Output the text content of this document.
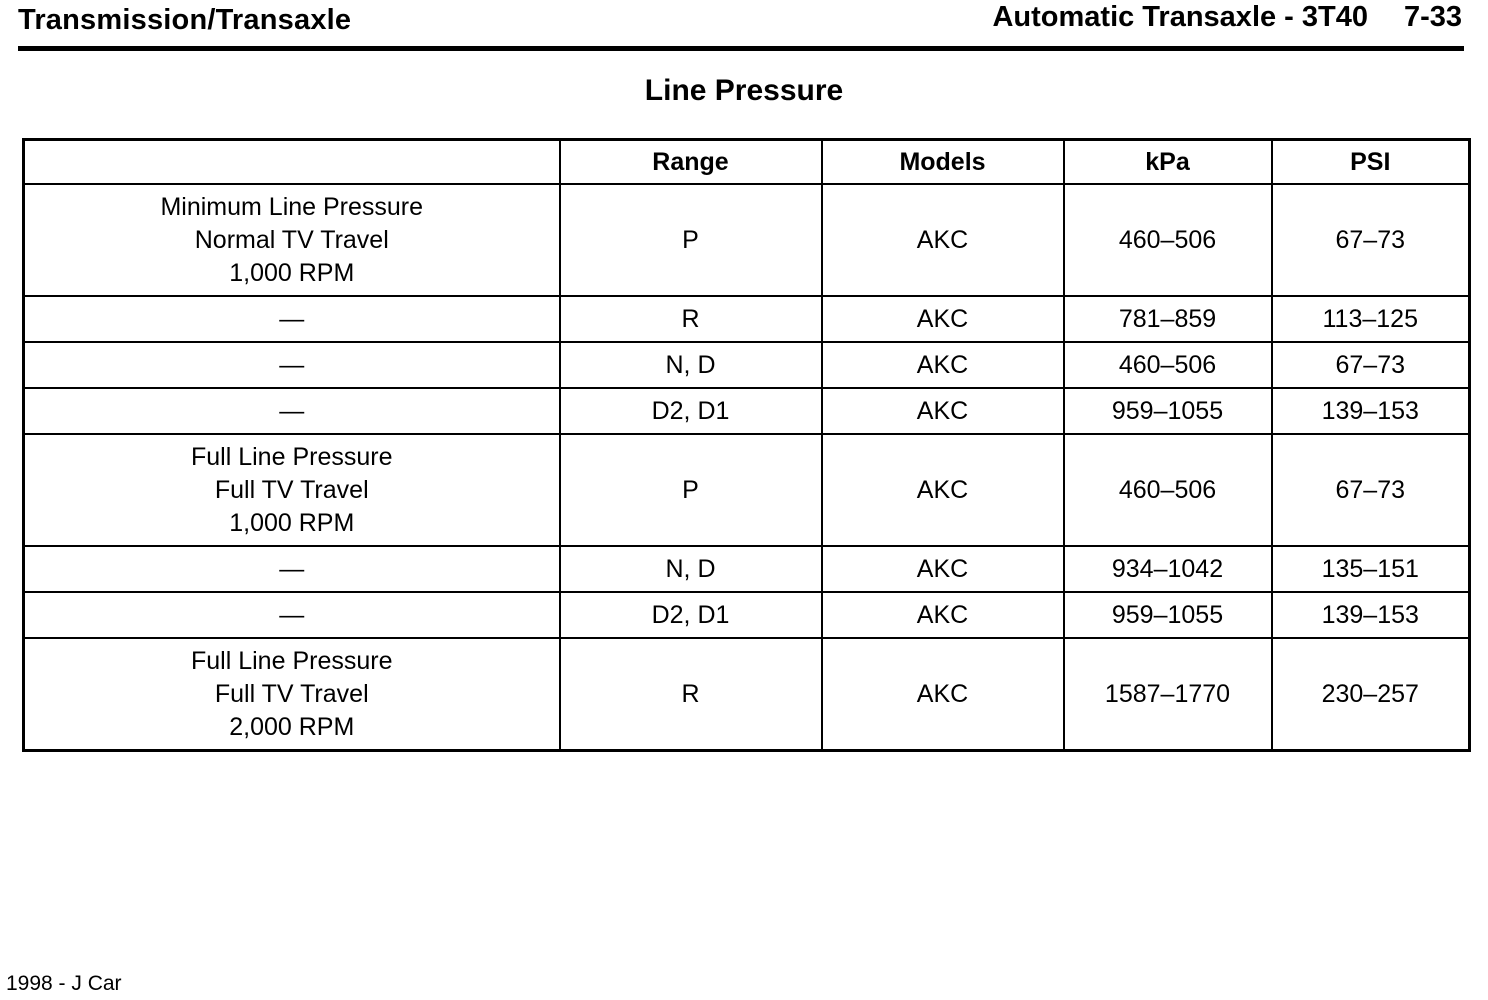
Transmission/Transaxle	Automatic Transaxle - 3T40 7-33
Line Pressure
	Range	Models	kPa	PSI

Minimum Line Pressure
Normal TV Travel
1,000 RPM	P	AKC	460–506	67–73
—	R	AKC	781–859	113–125
—	N, D	AKC	460–506	67–73
—	D2, D1	AKC	959–1055	139–153

Full Line Pressure
Full TV Travel
1,000 RPM	P	AKC	460–506	67–73
—	N, D	AKC	934–1042	135–151
—	D2, D1	AKC	959–1055	139–153

Full Line Pressure
Full TV Travel
2,000 RPM	R	AKC	1587–1770	230–257
1998 - J Car
